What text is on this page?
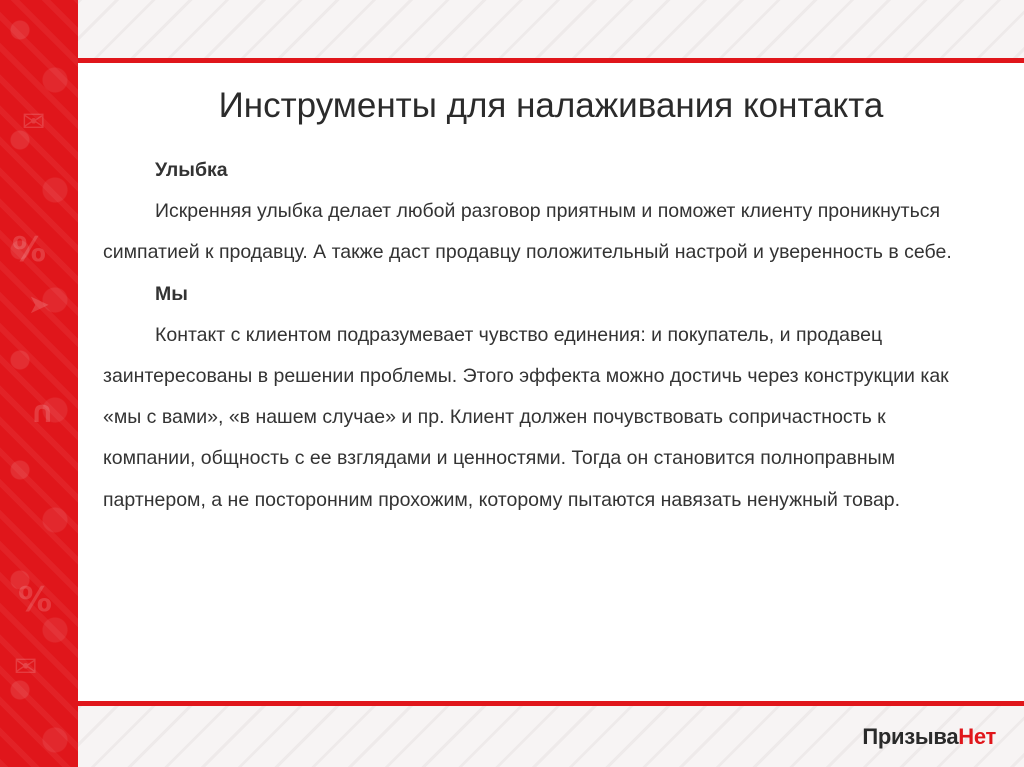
%
∩
%
✉
➤
✉
Инструменты для налаживания контакта
Улыбка

Искренняя улыбка делает любой разговор приятным и поможет клиенту проникнуться симпатией к продавцу. А также даст продавцу положительный настрой и уверенность в себе.

Мы

Контакт с клиентом подразумевает чувство единения: и покупатель, и продавец заинтересованы в решении проблемы. Этого эффекта можно достичь через конструкции как «мы с вами», «в нашем случае» и пр. Клиент должен почувствовать сопричастность к компании, общность с ее взглядами и ценностями. Тогда он становится полноправным партнером, а не посторонним прохожим, которому пытаются навязать ненужный товар.

ПризываНет
